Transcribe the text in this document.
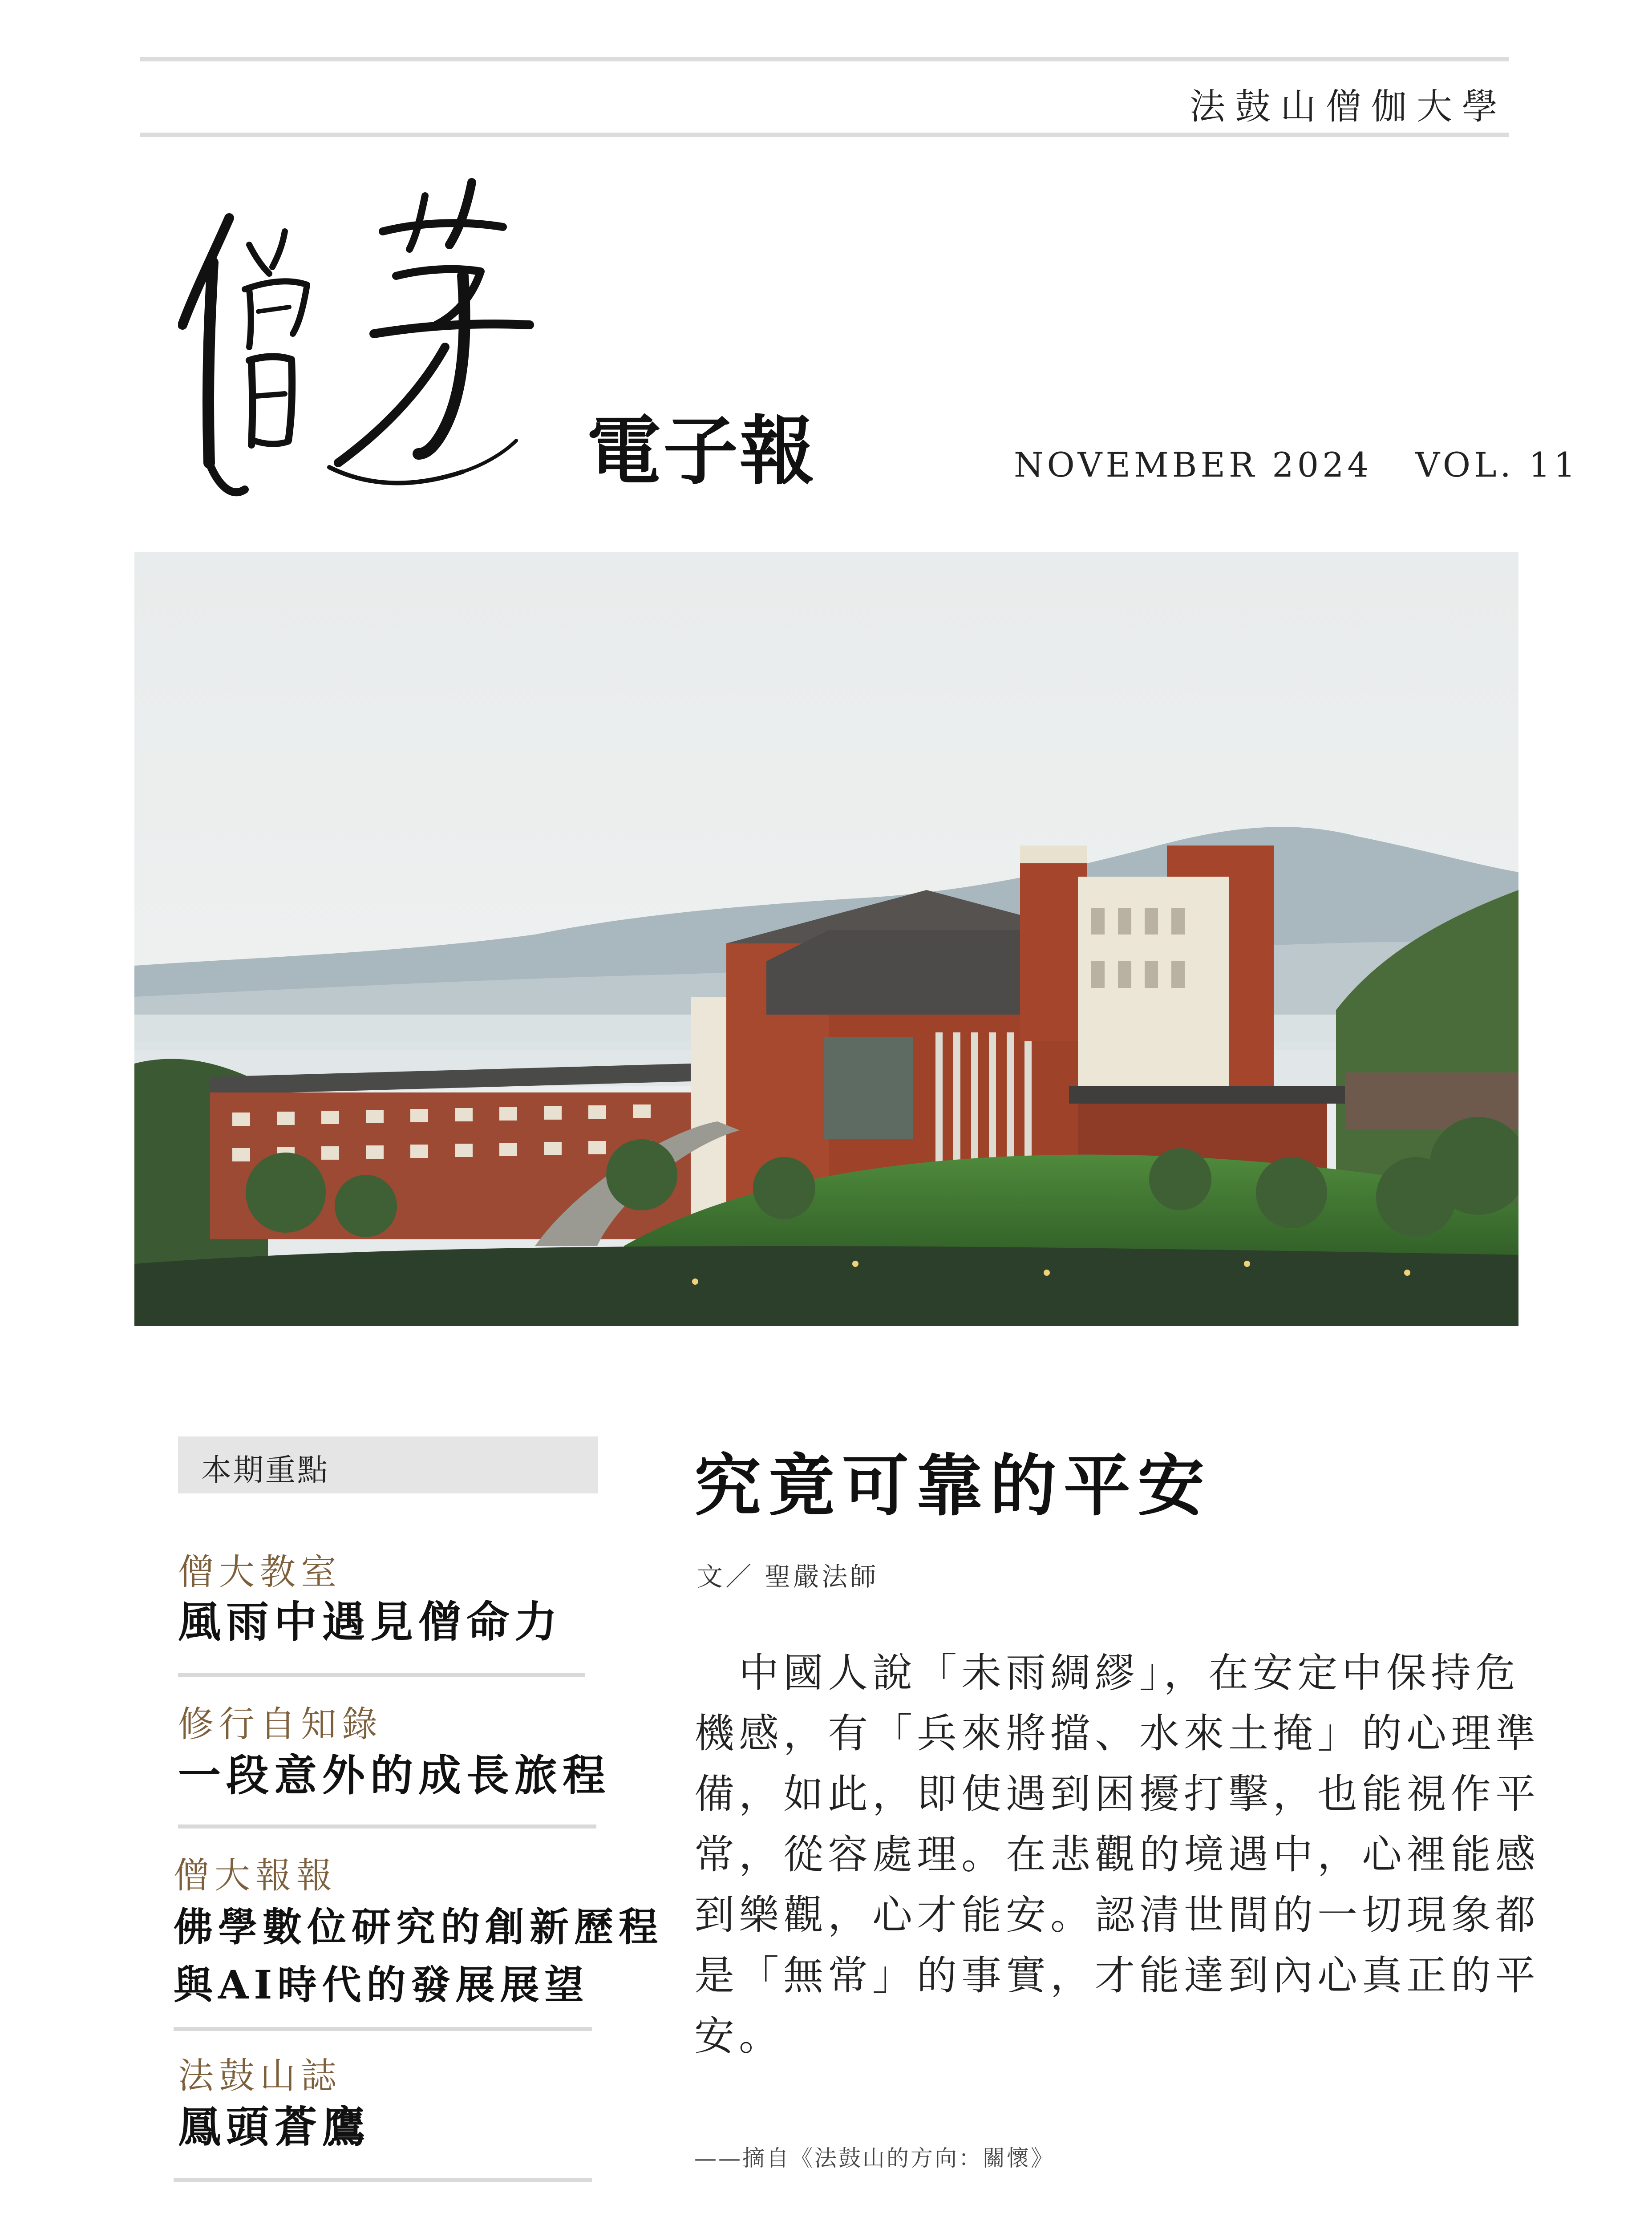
法鼓山僧伽大學
電子報	NOVEMBER 2024   VOL. 11
本期重點
僧大教室
風雨中遇見僧命力
修行自知錄
一段意外的成長旅程
僧大報報
佛學數位研究的創新歷程
與AI時代的發展展望
法鼓山誌
鳳頭蒼鷹
究竟可靠的平安
文／ 聖嚴法師
　中國人說「未雨綢繆」，在安定中保持危
機感，有「兵來將擋、水來土掩」的心理準
備，如此，即使遇到困擾打擊，也能視作平
常，從容處理。在悲觀的境遇中，心裡能感
到樂觀，心才能安。認清世間的一切現象都
是「無常」的事實，才能達到內心真正的平
安。
——摘自《法鼓山的方向：關懷》
